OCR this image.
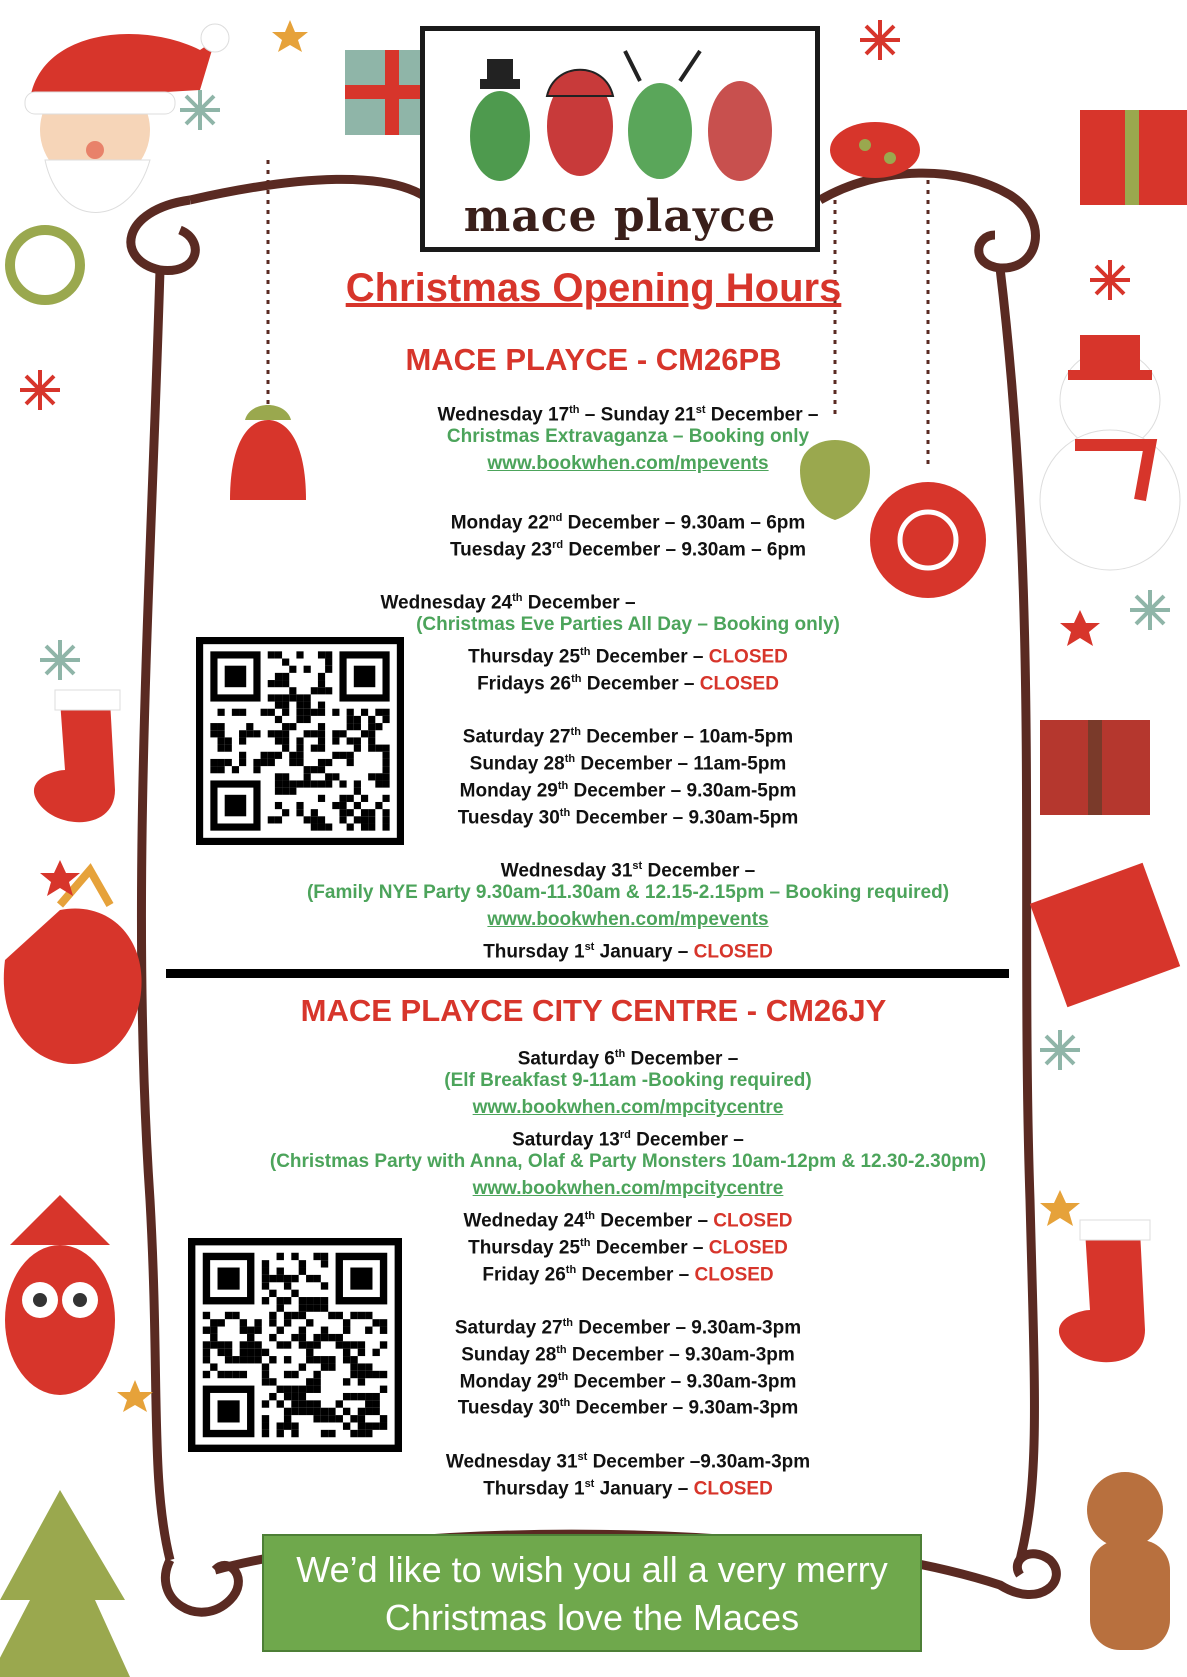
mace playce
Christmas Opening Hours
MACE PLAYCE - CM26PB
Wednesday 17th – Sunday 21st December –
Christmas Extravaganza – Booking only
www.bookwhen.com/mpevents
Monday 22nd December – 9.30am – 6pm
Tuesday 23rd December – 9.30am – 6pm
Wednesday 24th December –
(Christmas Eve Parties All Day – Booking only)
Thursday 25th December – CLOSED
Fridays 26th December – CLOSED
Saturday 27th December – 10am-5pm
Sunday 28th December – 11am-5pm
Monday 29th December – 9.30am-5pm
Tuesday 30th December – 9.30am-5pm
Wednesday 31st December –
(Family NYE Party 9.30am-11.30am & 12.15-2.15pm – Booking required)
www.bookwhen.com/mpevents
Thursday 1st January – CLOSED
MACE PLAYCE CITY CENTRE - CM26JY
Saturday 6th December –
(Elf Breakfast 9-11am -Booking required)
www.bookwhen.com/mpcitycentre
Saturday 13rd December –
(Christmas Party with Anna, Olaf & Party Monsters 10am-12pm & 12.30-2.30pm)
www.bookwhen.com/mpcitycentre
Wedneday 24th December – CLOSED
Thursday 25th December – CLOSED
Friday 26th December – CLOSED
Saturday 27th December – 9.30am-3pm
Sunday 28th December – 9.30am-3pm
Monday 29th December – 9.30am-3pm
Tuesday 30th December – 9.30am-3pm
Wednesday 31st December –9.30am-3pm
Thursday 1st January – CLOSED
We’d like to wish you all a very merry
Christmas love the Maces
